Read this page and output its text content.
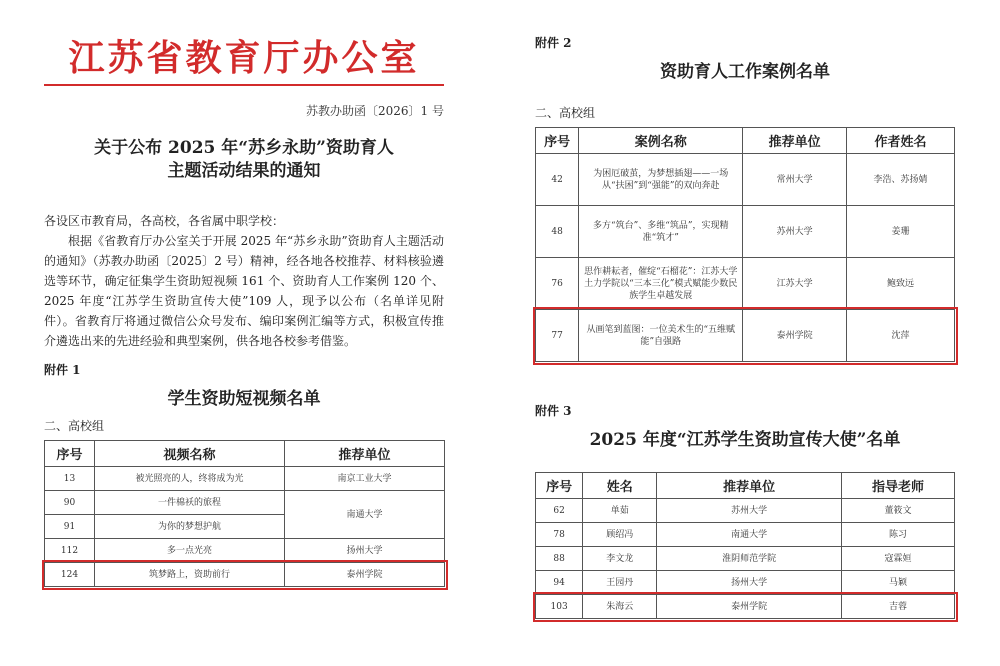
江苏省教育厅办公室
苏教办助函〔2026〕1 号
关于公布 2025 年“苏乡永助”资助育人
主题活动结果的通知
各设区市教育局，各高校，各省属中职学校：
根据《省教育厅办公室关于开展 2025 年“苏乡永助”资助育人主题活动的通知》（苏教办助函〔2025〕2 号）精神，经各地各校推荐、材料核验遴选等环节，确定征集学生资助短视频 161 个、资助育人工作案例 120 个、2025 年度“江苏学生资助宣传大使”109 人，现予以公布（名单详见附件）。省教育厅将通过微信公众号发布、编印案例汇编等方式，积极宣传推介遴选出来的先进经验和典型案例，供各地各校参考借鉴。
附件 1
学生资助短视频名单
二、高校组
序号	视频名称	推荐单位
13	被光照亮的人，终将成为光	南京工业大学
90	一件棉袄的旅程	南通大学
91	为你的梦想护航	
112	多一点光亮	扬州大学
124	筑梦路上，资助前行	泰州学院
附件 2
资助育人工作案例名单
二、高校组
序号	案例名称	推荐单位	作者姓名
42	为困厄破茧，为梦想插翅——一场从“扶困”到“强能”的双向奔赴	常州大学	李浩、苏扬婧
48	多方“筑台”、多维“筑品”，实现精准“筑才”	苏州大学	姜珊
76	思作耕耘者，催绽“石榴花”：江苏大学土力学院以“三本三化”模式赋能少数民族学生卓越发展	江苏大学	鲍致远
77	从画笔到蓝图：一位美术生的“五维赋能”自强路	泰州学院	沈萍
附件 3
2025 年度“江苏学生资助宣传大使”名单
序号	姓名	推荐单位	指导老师
62	单茹	苏州大学	董筱文
78	顾绍冯	南通大学	陈习
88	李文龙	淮阴师范学院	寇霖姮
94	王园丹	扬州大学	马颖
103	朱海云	泰州学院	吉蓉
